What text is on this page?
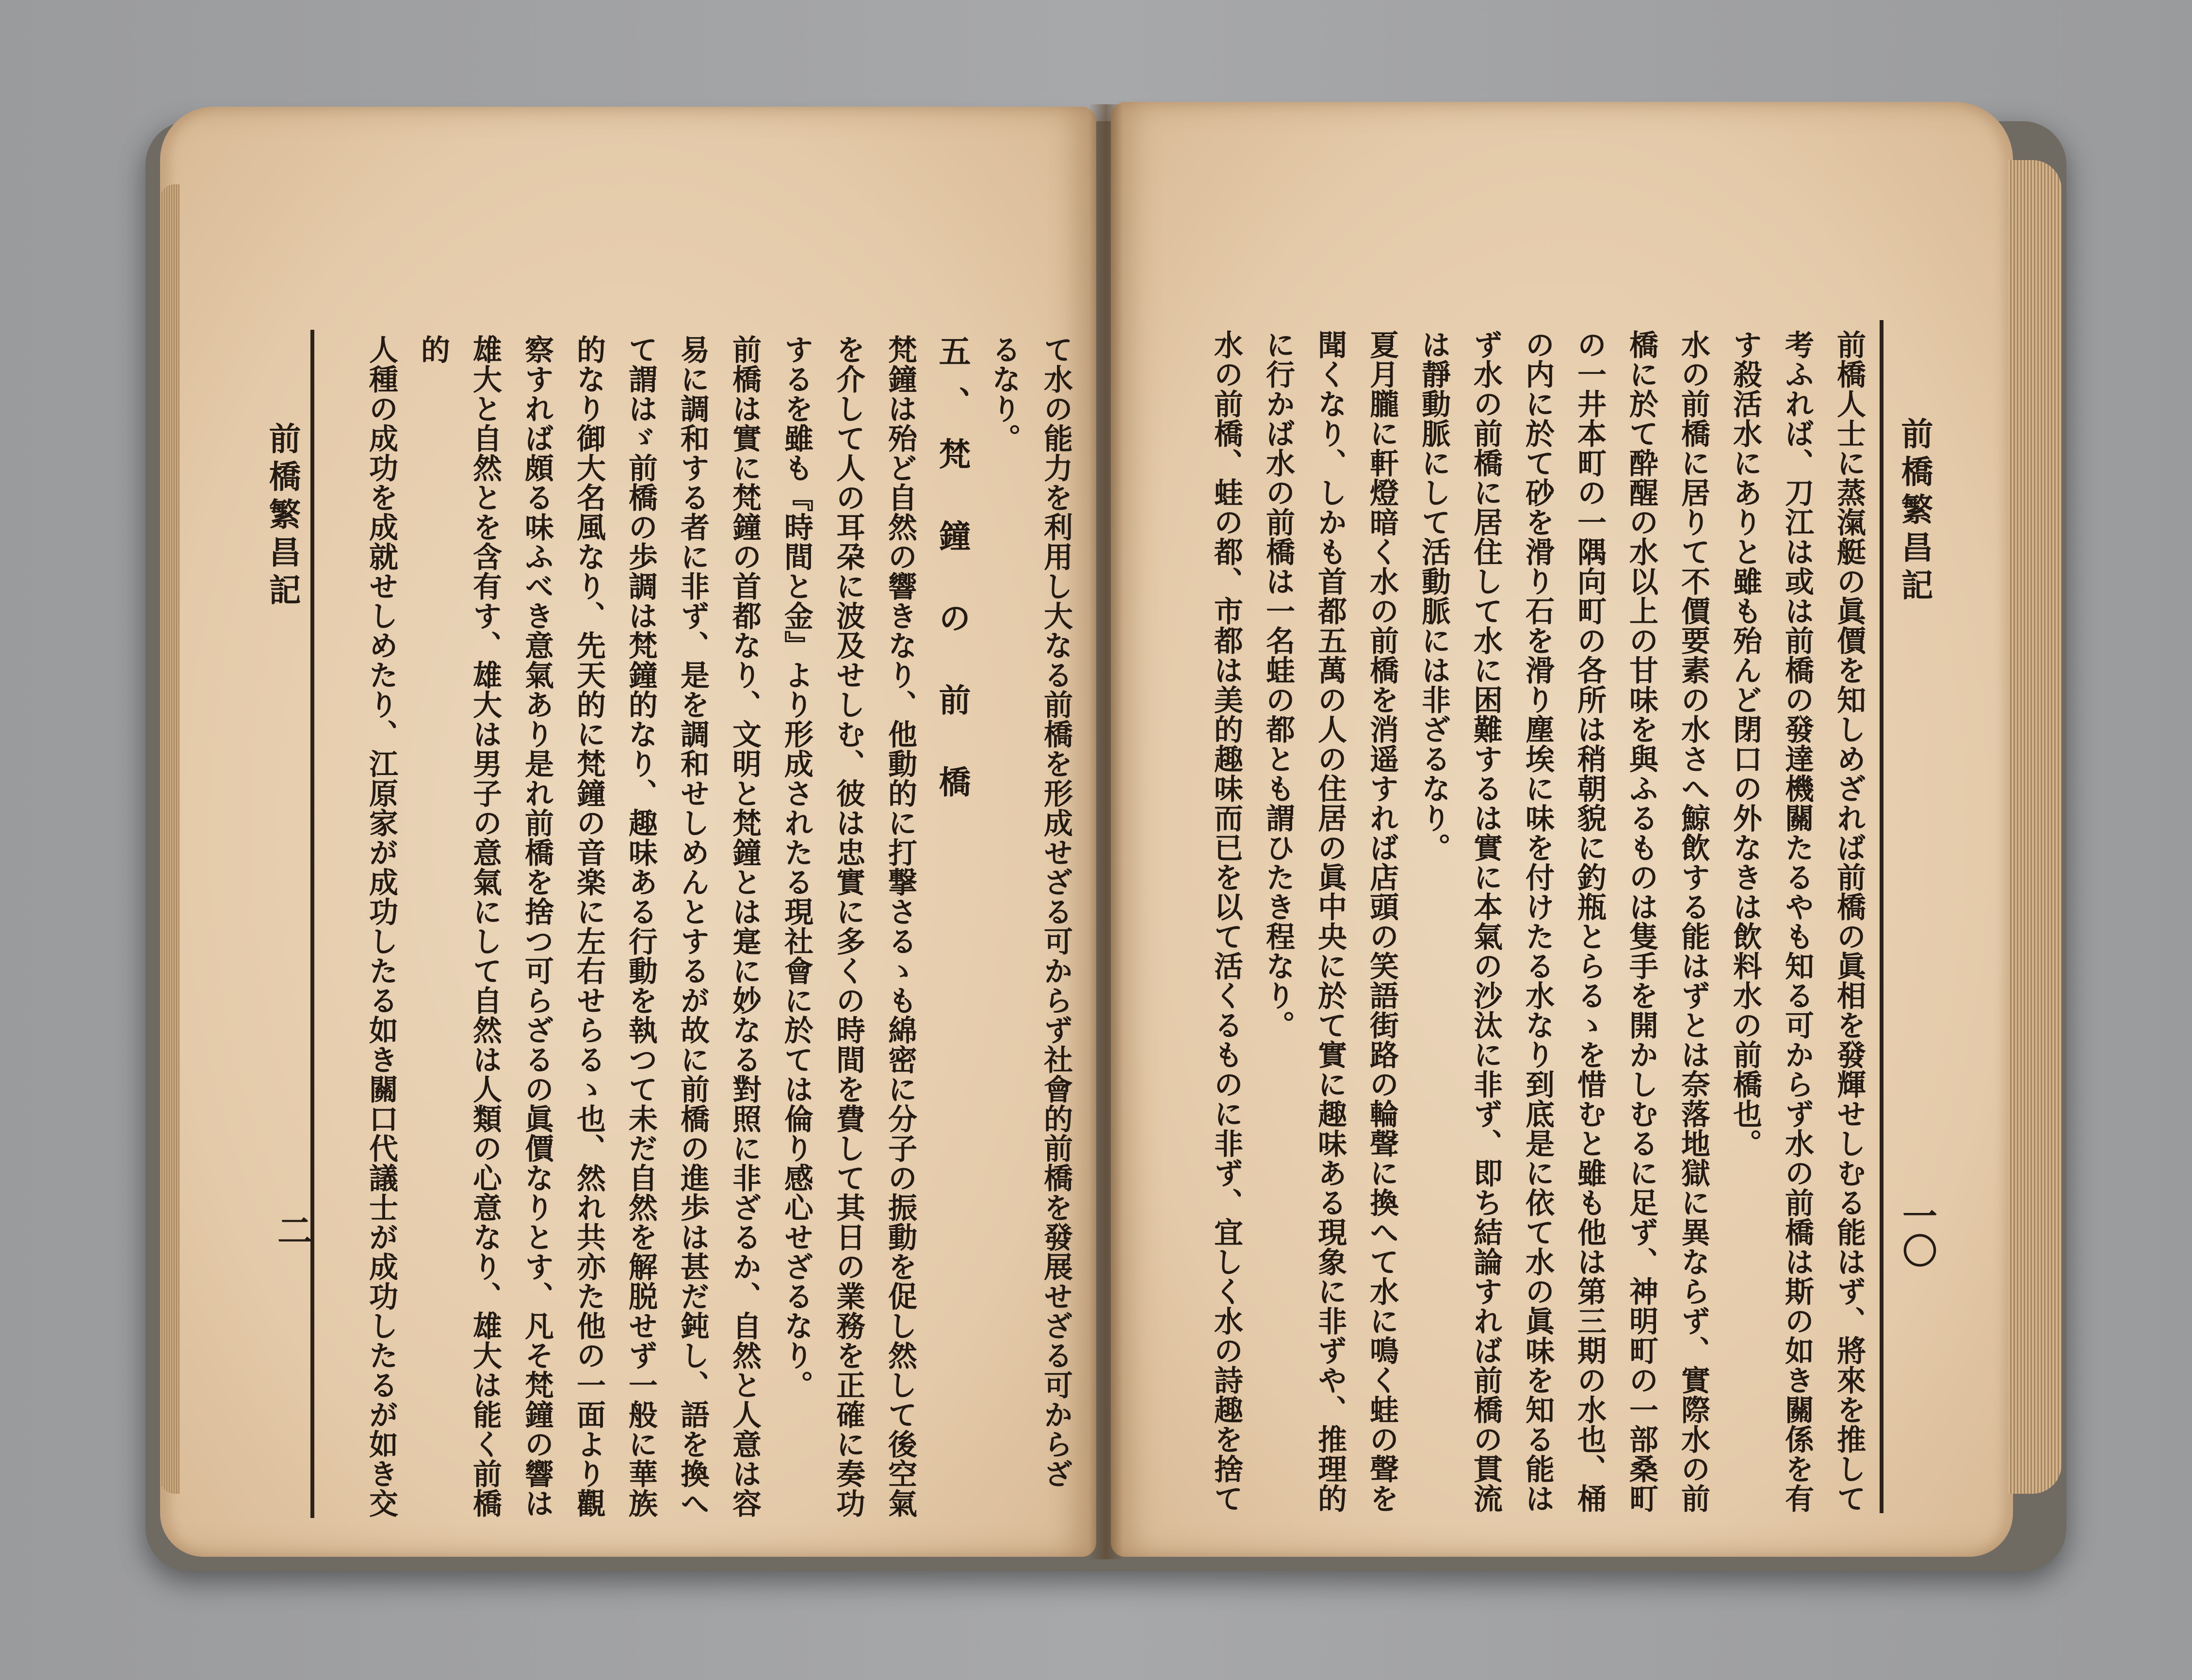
前橋繁昌記
二	て水の能力を利用し大なる前橋を形成せざる可からず社會的前橋を發展せざる可からざ

るなり。

五、梵 鐘 の 前 橋

梵鐘は殆ど自然の響きなり、他動的に打撃さるゝも綿密に分子の振動を促し然して後空氣

を介して人の耳朶に波及せしむ、彼は忠實に多くの時間を費して其日の業務を正確に奏功

するを雖も『時間と金』より形成されたる現社會に於ては倫り感心せざるなり。

前橋は實に梵鐘の首都なり、文明と梵鐘とは寔に妙なる對照に非ざるか、自然と人意は容

易に調和する者に非ず、是を調和せしめんとするが故に前橋の進歩は甚だ鈍し、語を換へ

て謂はゞ前橋の歩調は梵鐘的なり、趣味ある行動を執つて未だ自然を解脱せず一般に華族

的なり御大名風なり、先天的に梵鐘の音楽に左右せらるゝ也、然れ共亦た他の一面より觀

察すれば頗る味ふべき意氣あり是れ前橋を捨つ可らざるの眞價なりとす、凡そ梵鐘の響は

雄大と自然とを含有す、雄大は男子の意氣にして自然は人類の心意なり、雄大は能く前橋的

人種の成功を成就せしめたり、江原家が成功したる如き關口代議士が成功したるが如き交	前橋繁昌記
一〇

前橋人士に蒸滊艇の眞價を知しめざれば前橋の眞相を發輝せしむる能はず、將來を推して

考ふれば、刀江は或は前橋の發達機關たるやも知る可からず水の前橋は斯の如き關係を有

す殺活水にありと雖も殆んど閉口の外なきは飲料水の前橋也。

水の前橋に居りて不價要素の水さへ鯨飲する能はずとは奈落地獄に異ならず、實際水の前

橋に於て酔醒の水以上の甘味を與ふるものは隻手を開かしむるに足ず、神明町の一部桑町

の一井本町の一隅向町の各所は稍朝貌に釣瓶とらるゝを惜むと雖も他は第三期の水也、桶

の内に於て砂を滑り石を滑り塵埃に味を付けたる水なり到底是に依て水の眞味を知る能は

ず水の前橋に居住して水に困難するは實に本氣の沙汰に非ず、即ち結論すれば前橋の貫流

は靜動脈にして活動脈には非ざるなり。

夏月朧に軒燈暗く水の前橋を消遥すれば店頭の笑語街路の輪聲に換へて水に鳴く蛙の聲を

聞くなり、しかも首都五萬の人の住居の眞中央に於て實に趣味ある現象に非ずや、推理的

に行かば水の前橋は一名蛙の都とも謂ひたき程なり。

水の前橋、蛙の都、市都は美的趣味而已を以て活くるものに非ず、宜しく水の詩趣を捨て
